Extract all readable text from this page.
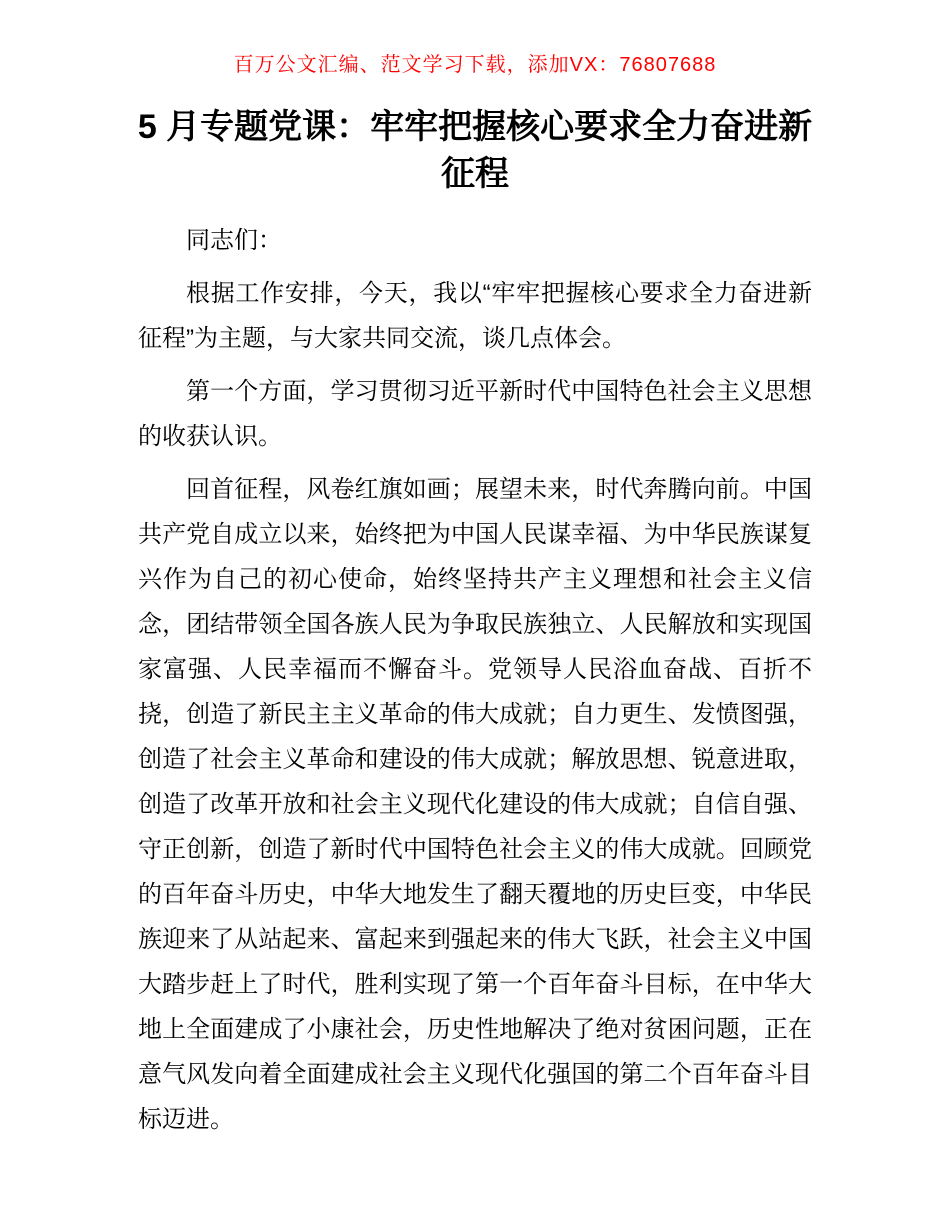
百万公文汇编、范文学习下载，添加VX：76807688
5 月专题党课：牢牢把握核心要求全力奋进新征程

同志们：

根据工作安排，今天，我以“牢牢把握核心要求全力奋进新征程”为主题，与大家共同交流，谈几点体会。

第一个方面，学习贯彻习近平新时代中国特色社会主义思想的收获认识。

回首征程，风卷红旗如画；展望未来，时代奔腾向前。中国共产党自成立以来，始终把为中国人民谋幸福、为中华民族谋复兴作为自己的初心使命，始终坚持共产主义理想和社会主义信念，团结带领全国各族人民为争取民族独立、人民解放和实现国家富强、人民幸福而不懈奋斗。党领导人民浴血奋战、百折不挠，创造了新民主主义革命的伟大成就；自力更生、发愤图强，创造了社会主义革命和建设的伟大成就；解放思想、锐意进取，创造了改革开放和社会主义现代化建设的伟大成就；自信自强、守正创新，创造了新时代中国特色社会主义的伟大成就。回顾党的百年奋斗历史，中华大地发生了翻天覆地的历史巨变，中华民族迎来了从站起来、富起来到强起来的伟大飞跃，社会主义中国大踏步赶上了时代，胜利实现了第一个百年奋斗目标，在中华大地上全面建成了小康社会，历史性地解决了绝对贫困问题，正在意气风发向着全面建成社会主义现代化强国的第二个百年奋斗目标迈进。
